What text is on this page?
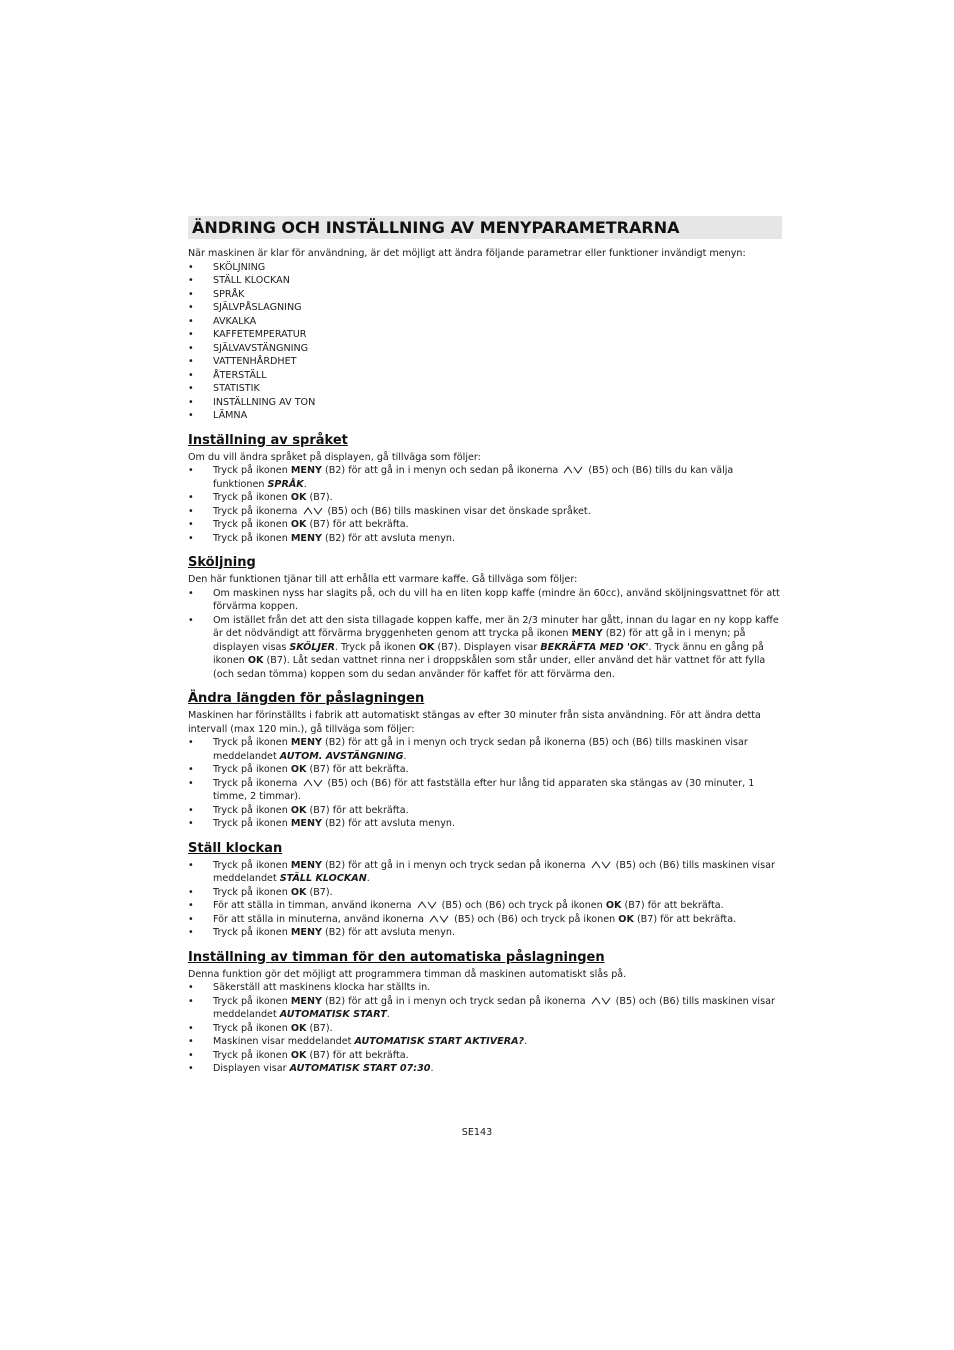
ÄNDRING OCH INSTÄLLNING AV MENYPARAMETRARNA

När maskinen är klar för användning, är det möjligt att ändra följande parametrar eller funktioner invändigt menyn:

• SKÖLJNING
• STÄLL KLOCKAN
• SPRÅK
• SJÄLVPÅSLAGNING
• AVKALKA
• KAFFETEMPERATUR
• SJÄLVAVSTÄNGNING
• VATTENHÅRDHET
• ÅTERSTÄLL
• STATISTIK
• INSTÄLLNING AV TON
• LÄMNA
Inställning av språket

Om du vill ändra språket på displayen, gå tillväga som följer:

• Tryck på ikonen MENY (B2) för att gå in i menyn och sedan på ikonerna	(B5) och (B6) tills du kan välja funktionen SPRÅK.
• Tryck på ikonen OK (B7).
• Tryck på ikonerna	(B5) och (B6) tills maskinen visar det önskade språket.
• Tryck på ikonen OK (B7) för att bekräfta.
• Tryck på ikonen MENY (B2) för att avsluta menyn.
Sköljning

Den här funktionen tjänar till att erhålla ett varmare kaffe. Gå tillväga som följer:

• Om maskinen nyss har slagits på, och du vill ha en liten kopp kaffe (mindre än 60cc), använd sköljningsvattnet för att förvärma koppen.
• Om istället från det att den sista tillagade koppen kaffe, mer än 2/3 minuter har gått, innan du lagar en ny kopp kaffe är det nödvändigt att förvärma bryggenheten genom att trycka på ikonen MENY (B2) för att gå in i menyn; på displayen visas SKÖLJER. Tryck på ikonen OK (B7). Displayen visar BEKRÄFTA MED 'OK'. Tryck ännu en gång på ikonen OK (B7). Låt sedan vattnet rinna ner i droppskålen som står under, eller använd det här vattnet för att fylla (och sedan tömma) koppen som du sedan använder för kaffet för att förvärma den.
Ändra längden för påslagningen

Maskinen har förinställts i fabrik att automatiskt stängas av efter 30 minuter från sista användning. För att ändra detta intervall (max 120 min.), gå tillväga som följer:

• Tryck på ikonen MENY (B2) för att gå in i menyn och tryck sedan på ikonerna (B5) och (B6) tills maskinen visar meddelandet AUTOM. AVSTÄNGNING.
• Tryck på ikonen OK (B7) för att bekräfta.
• Tryck på ikonerna	(B5) och (B6) för att fastställa efter hur lång tid apparaten ska stängas av (30 minuter, 1 timme, 2 timmar).
• Tryck på ikonen OK (B7) för att bekräfta.
• Tryck på ikonen MENY (B2) för att avsluta menyn.
Ställ klockan
• Tryck på ikonen MENY (B2) för att gå in i menyn och tryck sedan på ikonerna	(B5) och (B6) tills maskinen visar meddelandet STÄLL KLOCKAN.
• Tryck på ikonen OK (B7).
• För att ställa in timman, använd ikonerna	(B5) och (B6) och tryck på ikonen OK (B7) för att bekräfta.
• För att ställa in minuterna, använd ikonerna	(B5) och (B6) och tryck på ikonen OK (B7) för att bekräfta.
• Tryck på ikonen MENY (B2) för att avsluta menyn.
Inställning av timman för den automatiska påslagningen

Denna funktion gör det möjligt att programmera timman då maskinen automatiskt slås på.

• Säkerställ att maskinens klocka har ställts in.
• Tryck på ikonen MENY (B2) för att gå in i menyn och tryck sedan på ikonerna	(B5) och (B6) tills maskinen visar meddelandet AUTOMATISK START.
• Tryck på ikonen OK (B7).
• Maskinen visar meddelandet AUTOMATISK START AKTIVERA?.
• Tryck på ikonen OK (B7) för att bekräfta.
• Displayen visar AUTOMATISK START 07:30.
SE143
